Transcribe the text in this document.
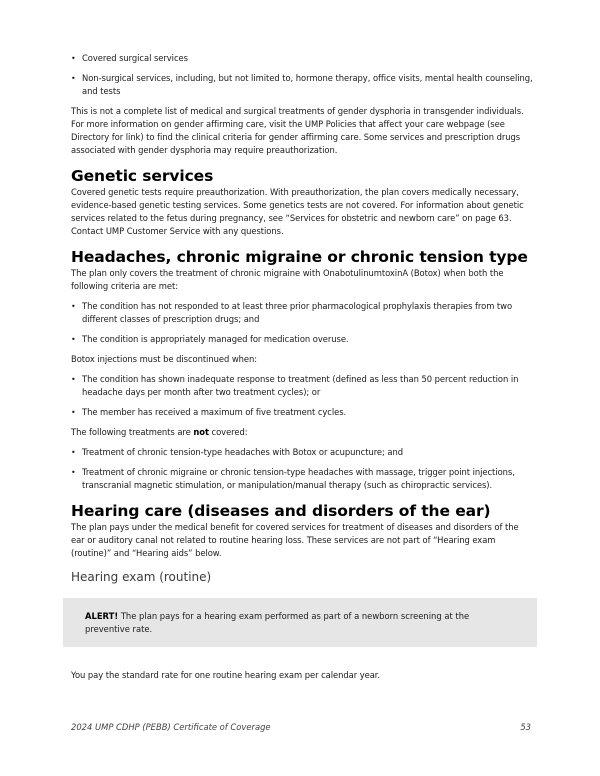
• Covered surgical services
• Non-surgical services, including, but not limited to, hormone therapy, office visits, mental health counseling, and tests

This is not a complete list of medical and surgical treatments of gender dysphoria in transgender individuals. For more information on gender affirming care, visit the UMP Policies that affect your care webpage (see Directory for link) to find the clinical criteria for gender affirming care. Some services and prescription drugs associated with gender dysphoria may require preauthorization.

Genetic services

Covered genetic tests require preauthorization. With preauthorization, the plan covers medically necessary, evidence-based genetic testing services. Some genetics tests are not covered. For information about genetic services related to the fetus during pregnancy, see “Services for obstetric and newborn care” on page 63. Contact UMP Customer Service with any questions.

Headaches, chronic migraine or chronic tension type

The plan only covers the treatment of chronic migraine with OnabotulinumtoxinA (Botox) when both the following criteria are met:

• The condition has not responded to at least three prior pharmacological prophylaxis therapies from two different classes of prescription drugs; and
• The condition is appropriately managed for medication overuse.

Botox injections must be discontinued when:

• The condition has shown inadequate response to treatment (defined as less than 50 percent reduction in headache days per month after two treatment cycles); or
• The member has received a maximum of five treatment cycles.

The following treatments are not covered:

• Treatment of chronic tension-type headaches with Botox or acupuncture; and
• Treatment of chronic migraine or chronic tension-type headaches with massage, trigger point injections, transcranial magnetic stimulation, or manipulation/manual therapy (such as chiropractic services).
Hearing care (diseases and disorders of the ear)

The plan pays under the medical benefit for covered services for treatment of diseases and disorders of the ear or auditory canal not related to routine hearing loss. These services are not part of “Hearing exam (routine)” and “Hearing aids” below.

Hearing exam (routine)
ALERT! The plan pays for a hearing exam performed as part of a newborn screening at the preventive rate.

You pay the standard rate for one routine hearing exam per calendar year.

2024 UMP CDHP (PEBB) Certificate of Coverage	53
